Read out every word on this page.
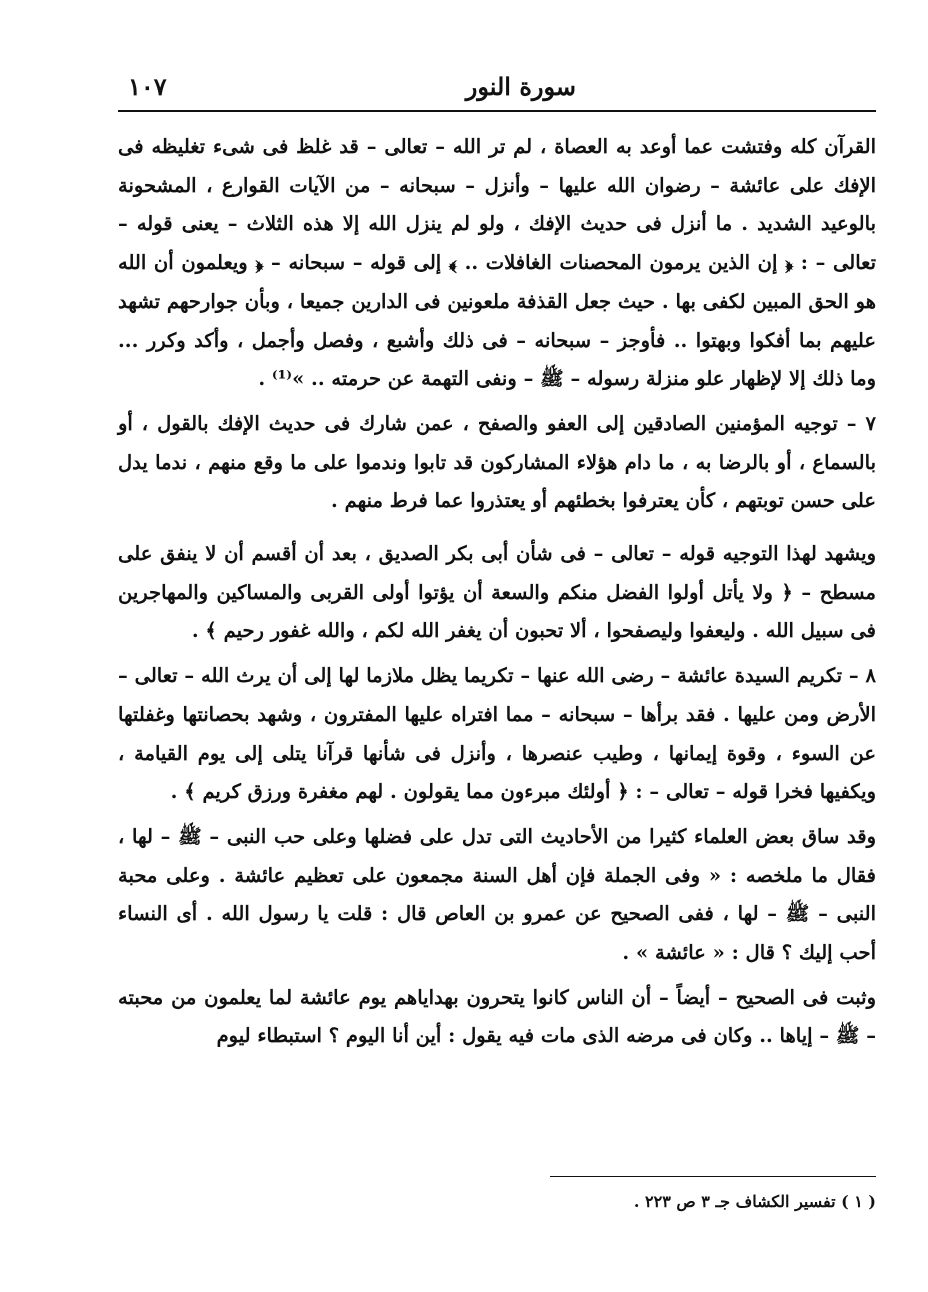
سورة النور
١٠٧

القرآن كله وفتشت عما أوعد به العصاة ، لم تر الله – تعالى – قد غلظ فى شىء تغليظه فى الإفك على عائشة – رضوان الله عليها – وأنزل – سبحانه – من الآيات القوارع ، المشحونة بالوعيد الشديد . ما أنزل فى حديث الإفك ، ولو لم ينزل الله إلا هذه الثلاث – يعنى قوله – تعالى – : ﴿ إن الذين يرمون المحصنات الغافلات .. ﴾ إلى قوله – سبحانه – ﴿ ويعلمون أن الله هو الحق المبين لكفى بها . حيث جعل القذفة ملعونين فى الدارين جميعا ، وبأن جوارحهم تشهد عليهم بما أفكوا وبهتوا .. فأوجز – سبحانه – فى ذلك وأشبع ، وفصل وأجمل ، وأكد وكرر ... وما ذلك إلا لإظهار علو منزلة رسوله – ﷺ – ونفى التهمة عن حرمته .. »⁽¹⁾ .

٧ – توجيه المؤمنين الصادقين إلى العفو والصفح ، عمن شارك فى حديث الإفك بالقول ، أو بالسماع ، أو بالرضا به ، ما دام هؤلاء المشاركون قد تابوا وندموا على ما وقع منهم ، ندما يدل على حسن توبتهم ، كأن يعترفوا بخطئهم أو يعتذروا عما فرط منهم .

ويشهد لهذا التوجيه قوله – تعالى – فى شأن أبى بكر الصديق ، بعد أن أقسم أن لا ينفق على مسطح – ﴿ ولا يأتل أولوا الفضل منكم والسعة أن يؤتوا أولى القربى والمساكين والمهاجرين فى سبيل الله . وليعفوا وليصفحوا ، ألا تحبون أن يغفر الله لكم ، والله غفور رحيم ﴾ .

٨ – تكريم السيدة عائشة – رضى الله عنها – تكريما يظل ملازما لها إلى أن يرث الله – تعالى – الأرض ومن عليها . فقد برأها – سبحانه – مما افتراه عليها المفترون ، وشهد بحصانتها وغفلتها عن السوء ، وقوة إيمانها ، وطيب عنصرها ، وأنزل فى شأنها قرآنا يتلى إلى يوم القيامة ، ويكفيها فخرا قوله – تعالى – : ﴿ أولئك مبرءون مما يقولون . لهم مغفرة ورزق كريم ﴾ .

وقد ساق بعض العلماء كثيرا من الأحاديث التى تدل على فضلها وعلى حب النبى – ﷺ – لها ، فقال ما ملخصه : « وفى الجملة فإن أهل السنة مجمعون على تعظيم عائشة . وعلى محبة النبى – ﷺ – لها ، ففى الصحيح عن عمرو بن العاص قال : قلت يا رسول الله . أى النساء أحب إليك ؟ قال : « عائشة » .

وثبت فى الصحيح – أيضاً – أن الناس كانوا يتحرون بهداياهم يوم عائشة لما يعلمون من محبته – ﷺ – إياها .. وكان فى مرضه الذى مات فيه يقول : أين أنا اليوم ؟ استبطاء ليوم

( ١ ) تفسير الكشاف جـ ٣ ص ٢٢٣ .
